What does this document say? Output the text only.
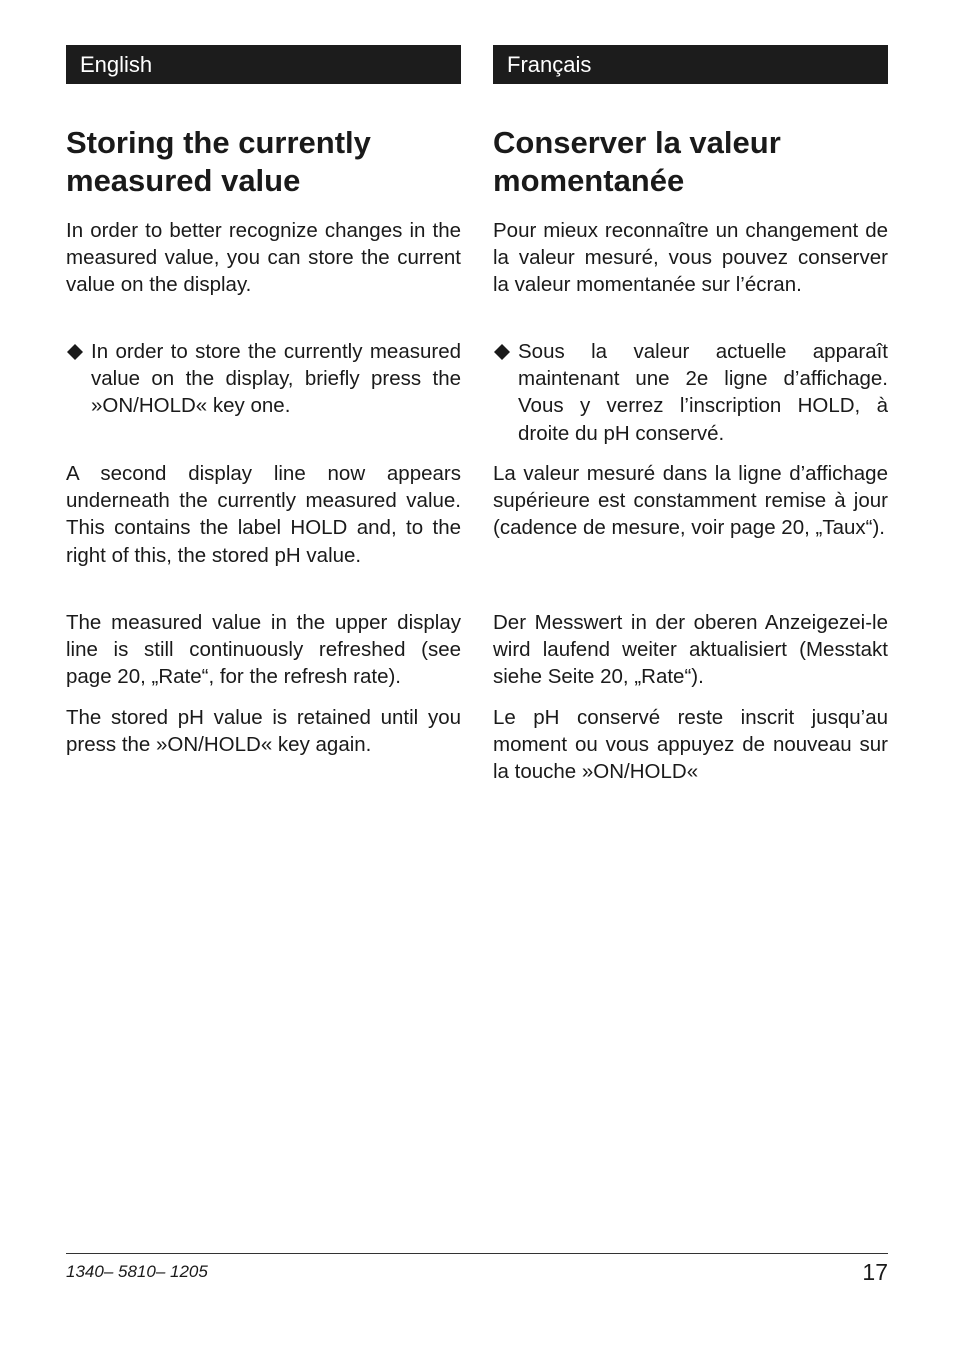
English
Storing the currently measured value

In order to better recognize changes in the measured value, you can store the current value on the display.

In order to store the currently measured value on the display, briefly press the »ON/HOLD« key one.

A second display line now appears underneath the currently measured value. This contains the label HOLD and, to the right of this, the stored pH value.

The measured value in the upper display line is still continuously refreshed (see page 20, „Rate“, for the refresh rate).

The stored pH value is retained until you press the »ON/HOLD« key again.

Français
Conserver la valeur momentanée

Pour mieux reconnaître un changement de la valeur mesuré, vous pouvez conserver la valeur momentanée sur l’écran.

Sous la valeur actuelle apparaît maintenant une 2e ligne d’affichage. Vous y verrez l’inscription HOLD, à droite du pH conservé.

La valeur mesuré dans la ligne d’affichage supérieure est constamment remise à jour (cadence de mesure, voir page 20, „Taux“).

Der Messwert in der oberen Anzeigezei-le wird laufend weiter aktualisiert (Messtakt siehe Seite 20, „Rate“).

Le pH conservé reste inscrit jusqu’au moment ou vous appuyez de nouveau sur la touche »ON/HOLD«

1340– 5810– 1205	17
